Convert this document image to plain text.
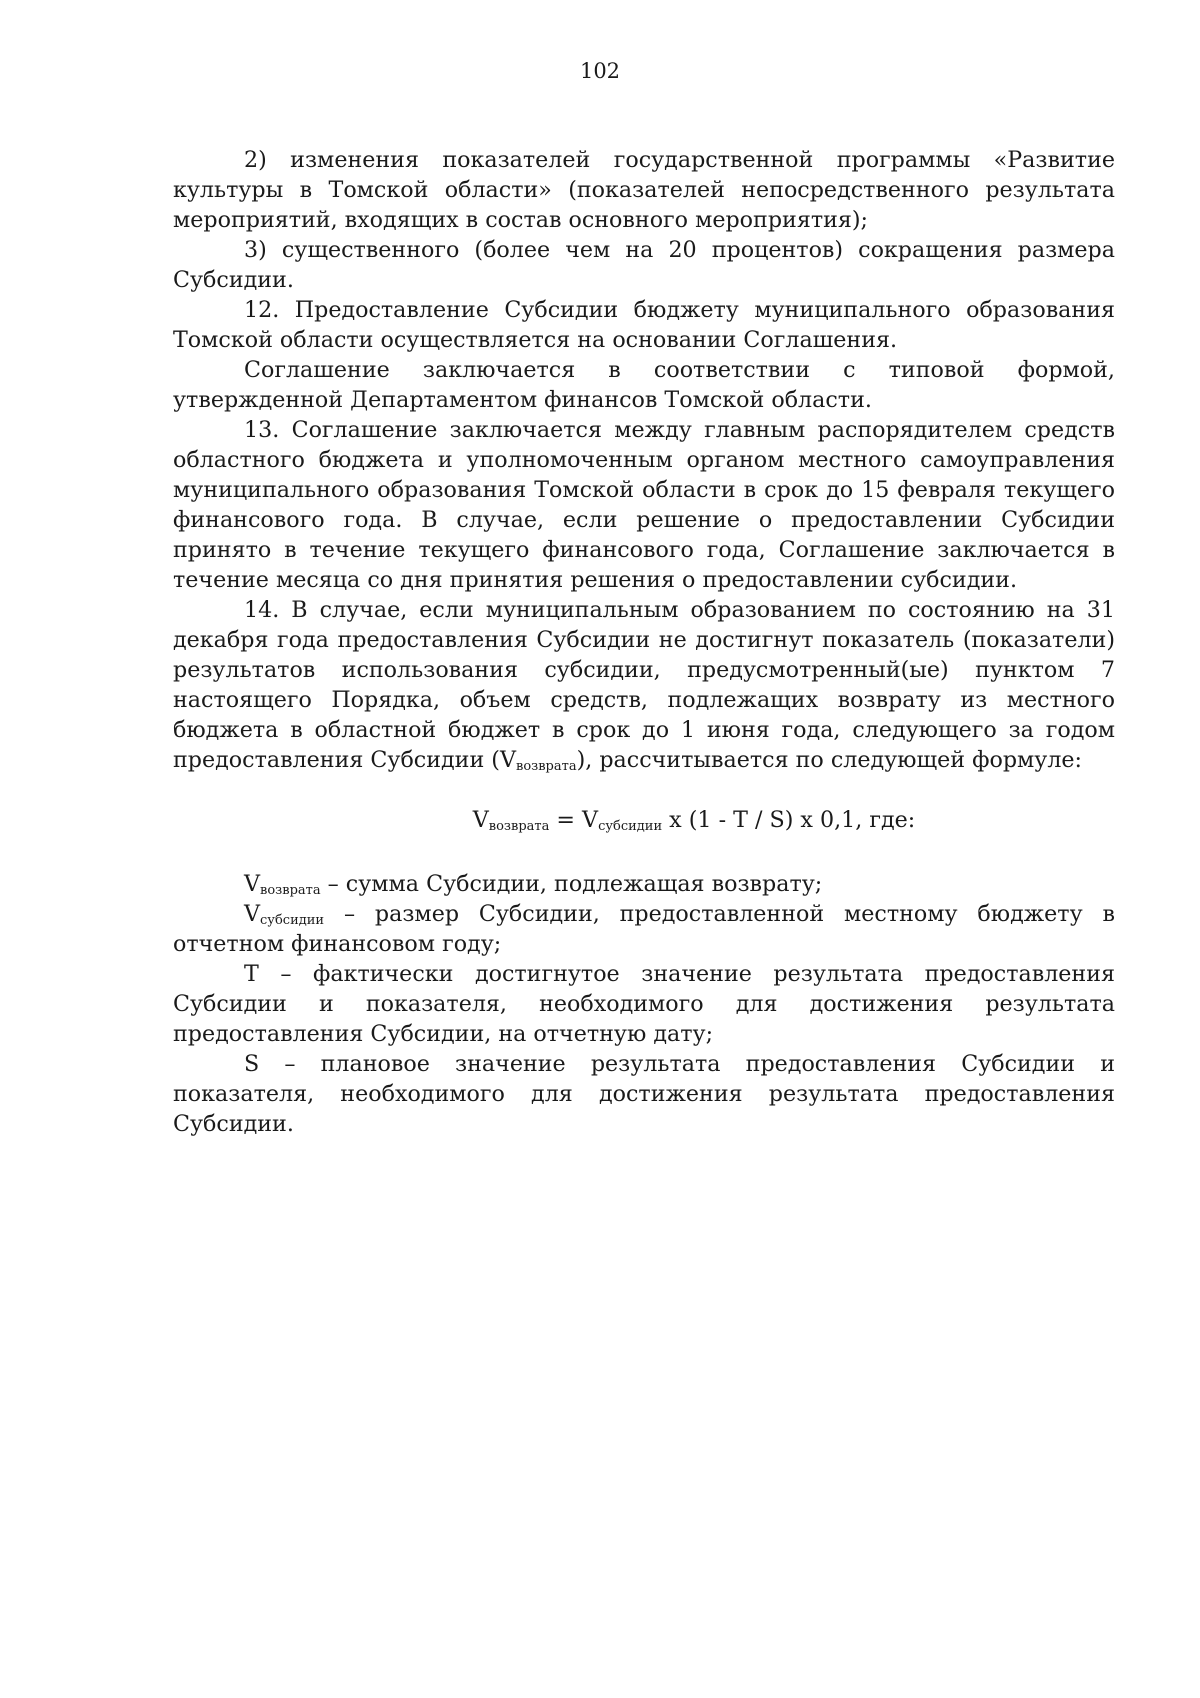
102

2) изменения показателей государственной программы «Развитие культуры в Томской области» (показателей непосредственного результата мероприятий, входящих в состав основного мероприятия);

3) существенного (более чем на 20 процентов) сокращения размера Субсидии.

12. Предоставление Субсидии бюджету муниципального образования Томской области осуществляется на основании Соглашения.

Соглашение заключается в соответствии с типовой формой, утвержденной Департаментом финансов Томской области.

13. Соглашение заключается между главным распорядителем средств областного бюджета и уполномоченным органом местного самоуправления муниципального образования Томской области в срок до 15 февраля текущего финансового года. В случае, если решение о предоставлении Субсидии принято в течение текущего финансового года, Соглашение заключается в течение месяца со дня принятия решения о предоставлении субсидии.

14. В случае, если муниципальным образованием по состоянию на 31 декабря года предоставления Субсидии не достигнут показатель (показатели) результатов использования субсидии, предусмотренный(ые) пунктом 7 настоящего Порядка, объем средств, подлежащих возврату из местного бюджета в областной бюджет в срок до 1 июня года, следующего за годом предоставления Субсидии $(V_{возврата})$, рассчитывается по следующей формуле:

$V_{возврата} = V_{субсидии}$ x (1 - T / S) x 0,1, где:

$V_{возврата}$ – сумма Субсидии, подлежащая возврату;

$V_{субсидии}$ – размер Субсидии, предоставленной местному бюджету в отчетном финансовом году;

T – фактически достигнутое значение результата предоставления Субсидии и показателя, необходимого для достижения результата предоставления Субсидии, на отчетную дату;

S – плановое значение результата предоставления Субсидии и показателя, необходимого для достижения результата предоставления Субсидии.
